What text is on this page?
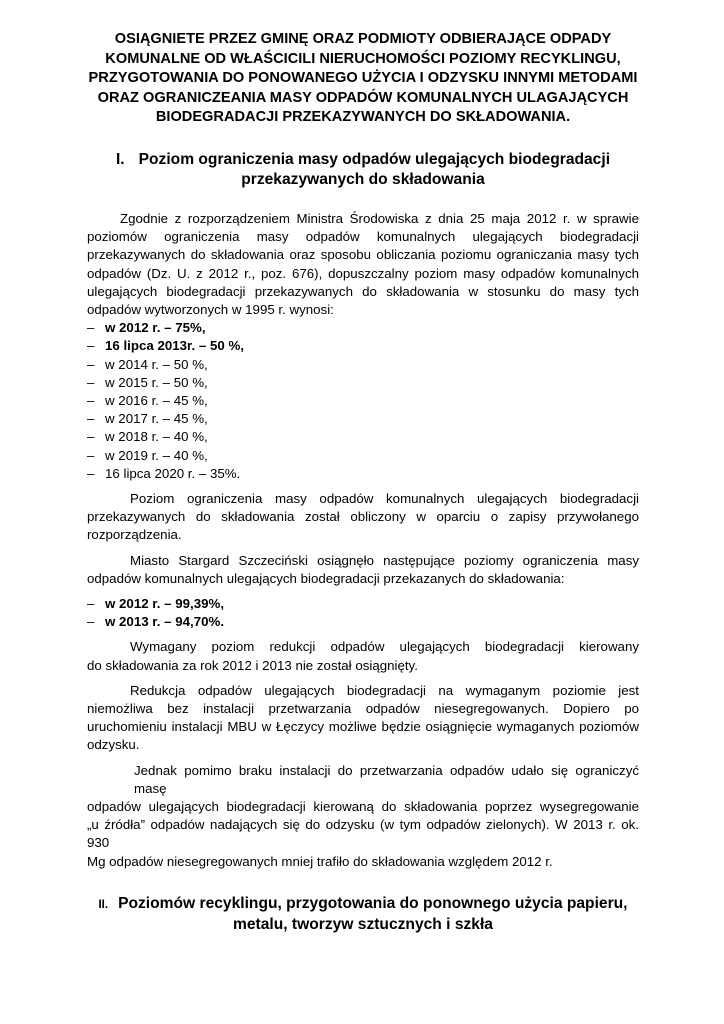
OSIĄGNIETE PRZEZ GMINĘ ORAZ PODMIOTY ODBIERAJĄCE ODPADY
KOMUNALNE OD WŁAŚCICILI NIERUCHOMOŚCI POZIOMY RECYKLINGU,
PRZYGOTOWANIA DO PONOWANEGO UŻYCIA I ODZYSKU INNYMI METODAMI
ORAZ OGRANICZEANIA MASY ODPADÓW KOMUNALNYCH ULAGAJĄCYCH
BIODEGRADACJI PRZEKAZYWANYCH DO SKŁADOWANIA.
I. Poziom ograniczenia masy odpadów ulegających biodegradacji
przekazywanych do składowania
Zgodnie z rozporządzeniem Ministra Środowiska z dnia 25 maja 2012 r. w sprawie
poziomów ograniczenia masy odpadów komunalnych ulegających biodegradacji
przekazywanych do składowania oraz sposobu obliczania poziomu ograniczania masy tych
odpadów (Dz. U. z 2012 r., poz. 676), dopuszczalny poziom masy odpadów komunalnych
ulegających biodegradacji przekazywanych do składowania w stosunku do masy tych
odpadów wytworzonych w 1995 r. wynosi:
– w 2012 r. – 75%,
– 16 lipca 2013r. – 50 %,
– w 2014 r. – 50 %,
– w 2015 r. – 50 %,
– w 2016 r. – 45 %,
– w 2017 r. – 45 %,
– w 2018 r. – 40 %,
– w 2019 r. – 40 %,
– 16 lipca 2020 r. – 35%.
Poziom ograniczenia masy odpadów komunalnych ulegających biodegradacji
przekazywanych do składowania został obliczony w oparciu o zapisy przywołanego
rozporządzenia.
Miasto Stargard Szczeciński osiągnęło następujące poziomy ograniczenia masy
odpadów komunalnych ulegających biodegradacji przekazanych do składowania:
– w 2012 r. – 99,39%,
– w 2013 r. – 94,70%.
Wymagany poziom redukcji odpadów ulegających biodegradacji kierowany
do składowania za rok 2012 i 2013 nie został osiągnięty.
Redukcja odpadów ulegających biodegradacji na wymaganym poziomie jest
niemożliwa bez instalacji przetwarzania odpadów niesegregowanych. Dopiero po
uruchomieniu instalacji MBU w Łęczycy możliwe będzie osiągnięcie wymaganych poziomów
odzysku.
Jednak pomimo braku instalacji do przetwarzania odpadów udało się ograniczyć masę
odpadów ulegających biodegradacji kierowaną do składowania poprzez wysegregowanie
„u źródła” odpadów nadających się do odzysku (w tym odpadów zielonych). W 2013 r. ok. 930
Mg odpadów niesegregowanych mniej trafiło do składowania względem 2012 r.
II. Poziomów recyklingu, przygotowania do ponownego użycia papieru,
metalu, tworzyw sztucznych i szkła
